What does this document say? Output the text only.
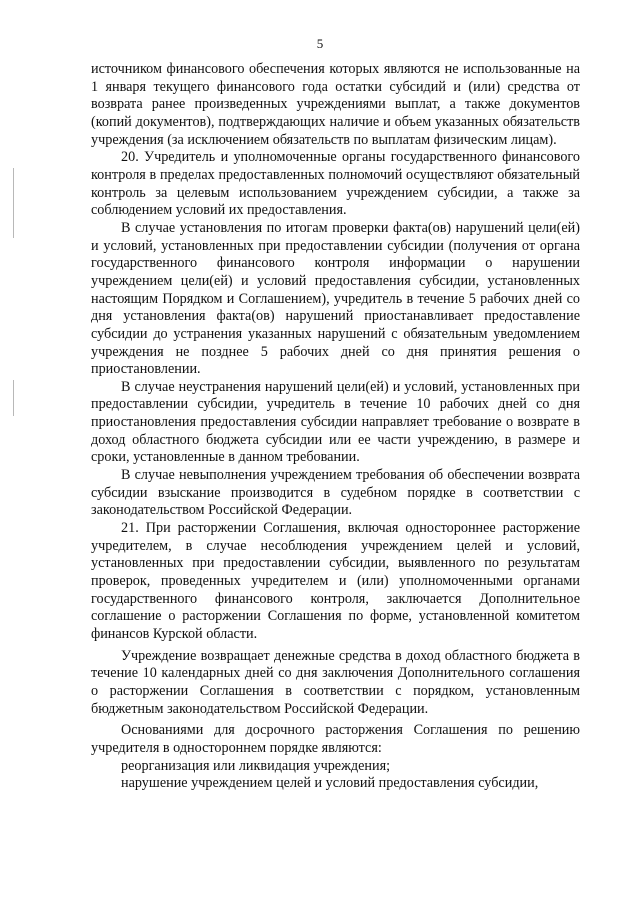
5

источником финансового обеспечения которых являются не использованные на 1 января текущего финансового года остатки субсидий и (или) средства от возврата ранее произведенных учреждениями выплат, а также документов (копий документов), подтверждающих наличие и объем указанных обязательств учреждения (за исключением обязательств по выплатам физическим лицам).

20. Учредитель и уполномоченные органы государственного финансового контроля в пределах предоставленных полномочий осуществляют обязательный контроль за целевым использованием учреждением субсидии, а также за соблюдением условий их предоставления.

В случае установления по итогам проверки факта(ов) нарушений цели(ей) и условий, установленных при предоставлении субсидии (получения от органа государственного финансового контроля информации о нарушении учреждением цели(ей) и условий предоставления субсидии, установленных настоящим Порядком и Соглашением), учредитель в течение 5 рабочих дней со дня установления факта(ов) нарушений приостанавливает предоставление субсидии до устранения указанных нарушений с обязательным уведомлением учреждения не позднее 5 рабочих дней со дня принятия решения о приостановлении.

В случае неустранения нарушений цели(ей) и условий, установленных при предоставлении субсидии, учредитель в течение 10 рабочих дней со дня приостановления предоставления субсидии направляет требование о возврате в доход областного бюджета субсидии или ее части учреждению, в размере и сроки, установленные в данном требовании.

В случае невыполнения учреждением требования об обеспечении возврата субсидии взыскание производится в судебном порядке в соответствии с законодательством Российской Федерации.

21. При расторжении Соглашения, включая одностороннее расторжение учредителем, в случае несоблюдения учреждением целей и условий, установленных при предоставлении субсидии, выявленного по результатам проверок, проведенных учредителем и (или) уполномоченными органами государственного финансового контроля, заключается Дополнительное соглашение о расторжении Соглашения по форме, установленной комитетом финансов Курской области.

Учреждение возвращает денежные средства в доход областного бюджета в течение 10 календарных дней со дня заключения Дополнительного соглашения о расторжении Соглашения в соответствии с порядком, установленным бюджетным законодательством Российской Федерации.

Основаниями для досрочного расторжения Соглашения по решению учредителя в одностороннем порядке являются:

реорганизация или ликвидация учреждения;

нарушение учреждением целей и условий предоставления субсидии,
